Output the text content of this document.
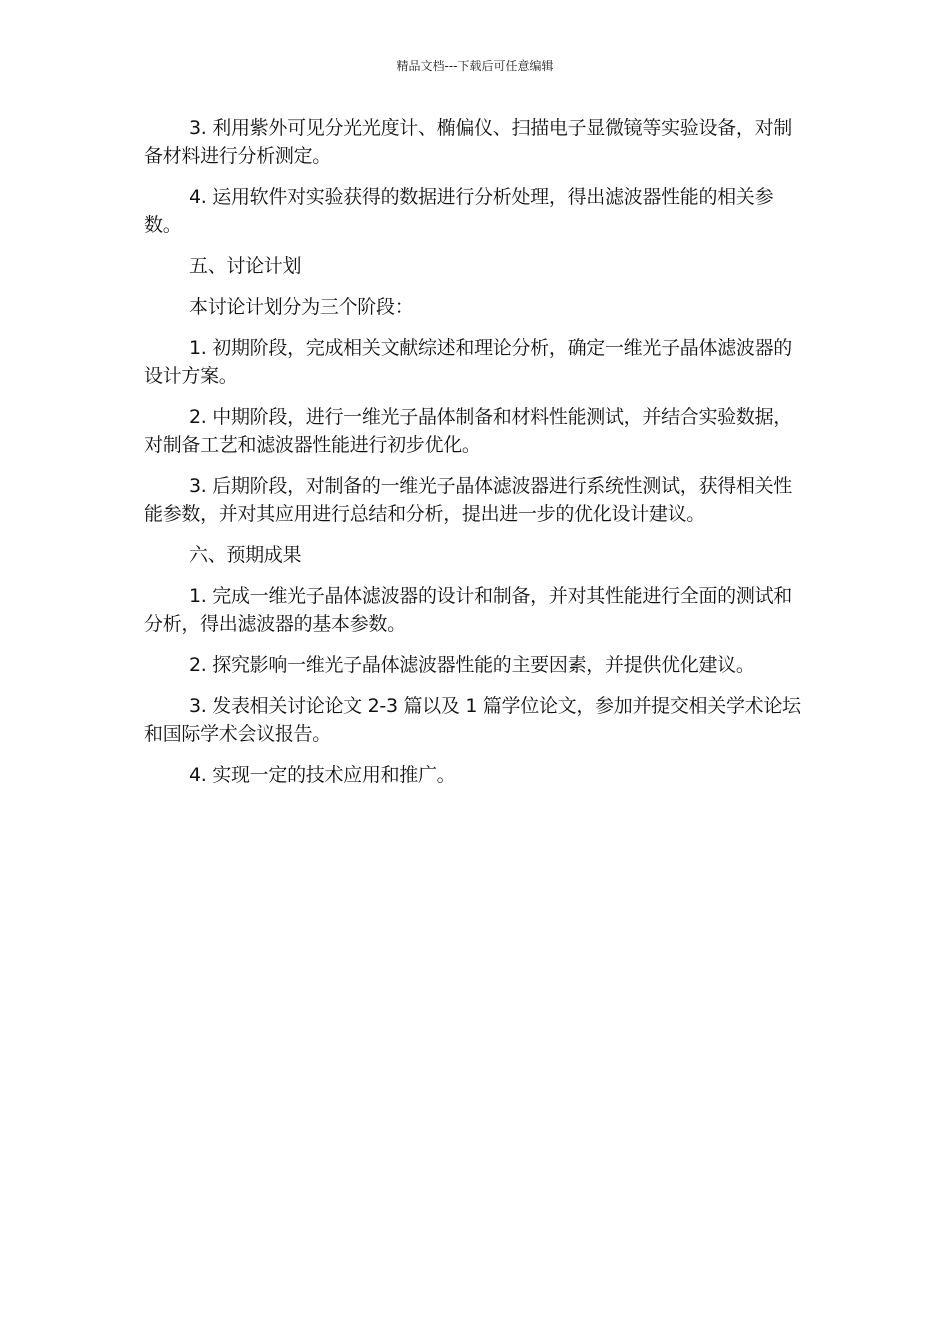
精品文档---下载后可任意编辑

3. 利用紫外可见分光光度计、椭偏仪、扫描电子显微镜等实验设备，对制备材料进行分析测定。

4. 运用软件对实验获得的数据进行分析处理，得出滤波器性能的相关参数。

五、讨论计划

本讨论计划分为三个阶段：

1. 初期阶段，完成相关文献综述和理论分析，确定一维光子晶体滤波器的设计方案。

2. 中期阶段，进行一维光子晶体制备和材料性能测试，并结合实验数据，对制备工艺和滤波器性能进行初步优化。

3. 后期阶段，对制备的一维光子晶体滤波器进行系统性测试，获得相关性能参数，并对其应用进行总结和分析，提出进一步的优化设计建议。

六、预期成果

1. 完成一维光子晶体滤波器的设计和制备，并对其性能进行全面的测试和分析，得出滤波器的基本参数。

2. 探究影响一维光子晶体滤波器性能的主要因素，并提供优化建议。

3. 发表相关讨论论文 2-3 篇以及 1 篇学位论文，参加并提交相关学术论坛和国际学术会议报告。

4. 实现一定的技术应用和推广。
